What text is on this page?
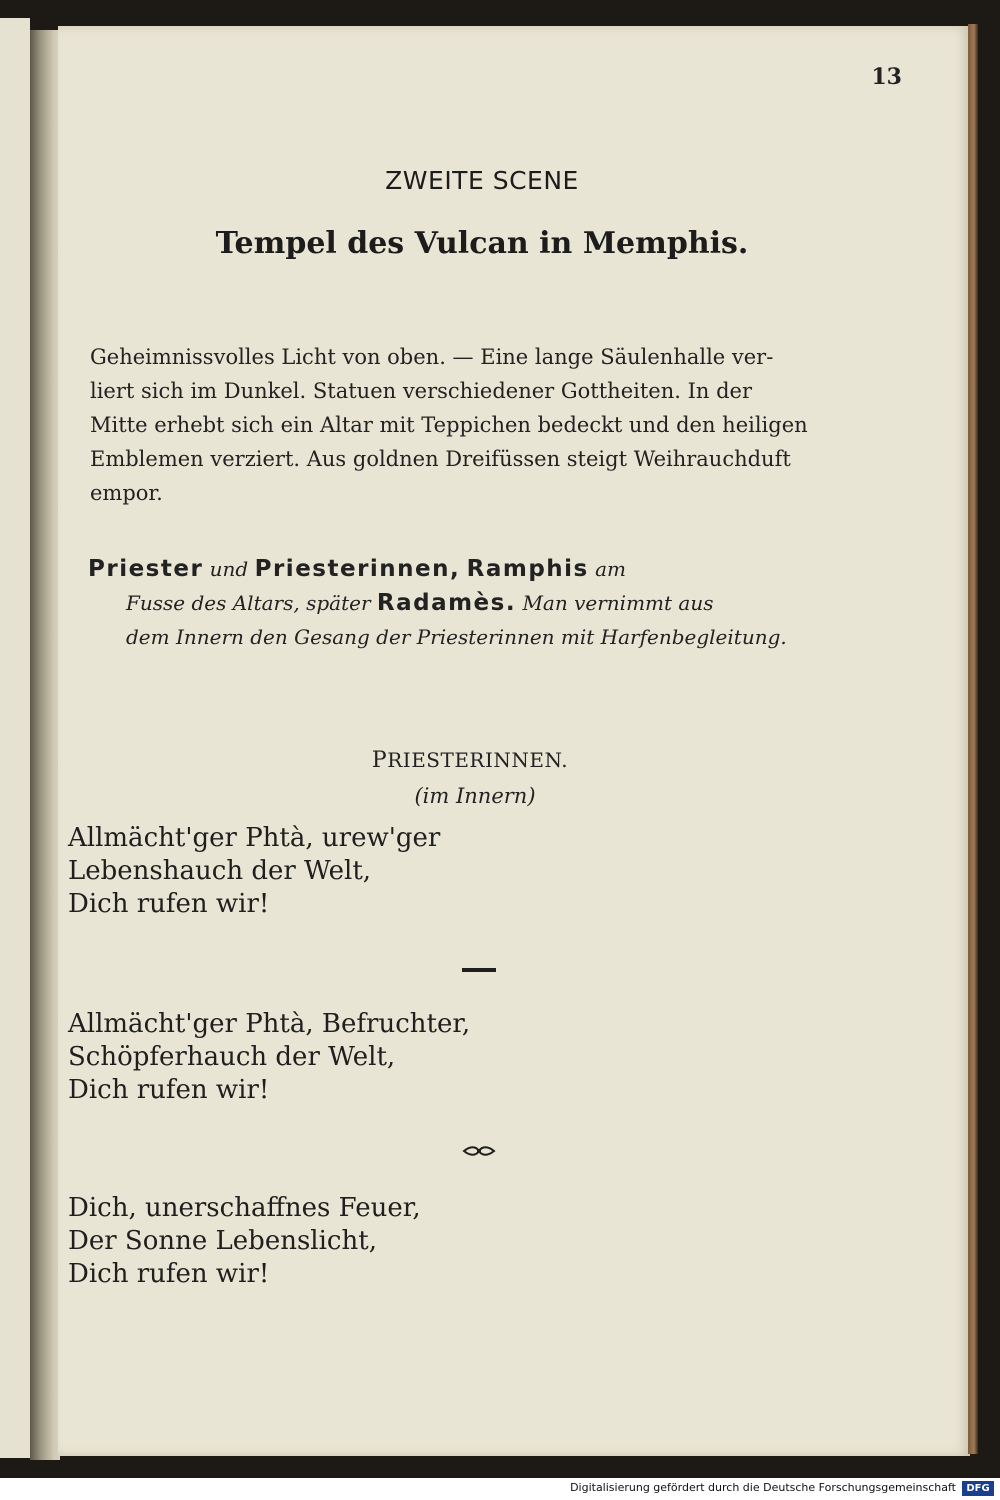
13
ZWEITE SCENE
Tempel des Vulcan in Memphis.

Geheimnissvolles Licht von oben. — Eine lange Säulenhalle ver-

liert sich im Dunkel. Statuen verschiedener Gottheiten. In der

Mitte erhebt sich ein Altar mit Teppichen bedeckt und den heiligen

Emblemen verziert. Aus goldnen Dreifüssen steigt Weihrauchduft

empor.

Priester und Priesterinnen, Ramphis am

Fusse des Altars, später Radamès. Man vernimmt aus

dem Innern den Gesang der Priesterinnen mit Harfenbegleitung.

PRIESTERINNEN.
(im Innern)

Allmächt'ger Phtà, urew'ger

Lebenshauch der Welt,

Dich rufen wir!

Allmächt'ger Phtà, Befruchter,

Schöpferhauch der Welt,

Dich rufen wir!

Dich, unerschaffnes Feuer,

Der Sonne Lebenslicht,

Dich rufen wir!

Digitalisierung gefördert durch die Deutsche Forschungsgemeinschaft	DFG
